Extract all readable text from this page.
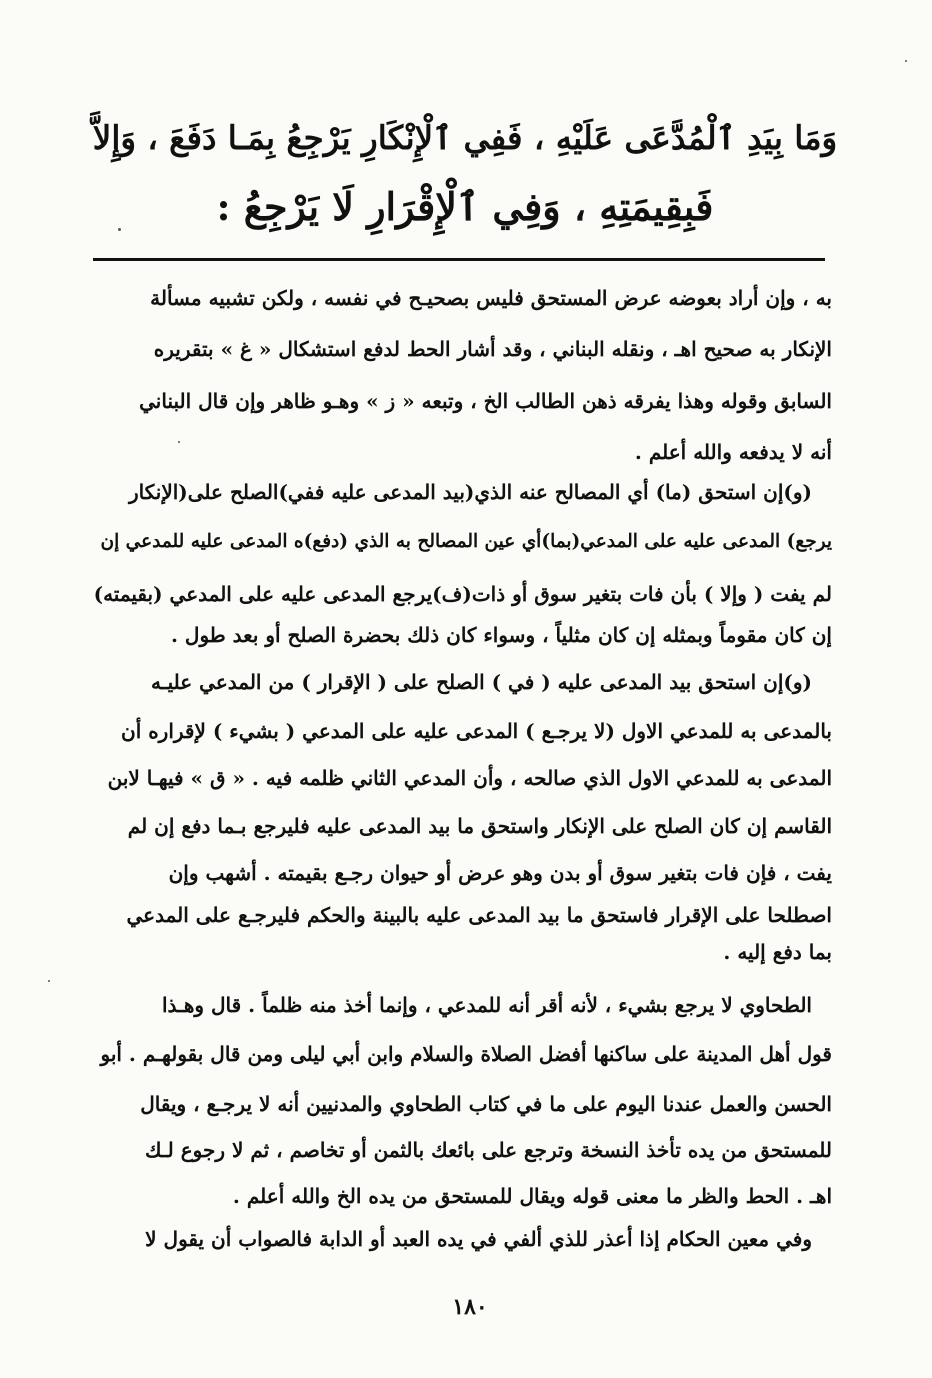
وَمَا بِيَدِ ٱلْمُدَّعَى عَلَيْهِ ، فَفِي ٱلْإِنْكَارِ يَرْجِعُ بِمَـا دَفَعَ ، وَإِلاَّ
فَبِقِيمَتِهِ ، وَفِي ٱلْإِقْرَارِ لَا يَرْجِعُ :
به ، وإن أراد بعوضه عرض المستحق فليس بصحيـح في نفسه ، ولكن تشبيه مسألة
الإنكار به صحيح اهـ ، ونقله البناني ، وقد أشار الحط لدفع استشكال « غ » بتقريره
السابق وقوله وهذا يفرقه ذهن الطالب الخ ، وتبعه « ز » وهـو ظاهر وإن قال البناني
أنه لا يدفعه والله أعلم .
(و)إن استحق (ما) أي المصالح عنه الذي(بيد المدعى عليه ففي)الصلح على(الإنكار
يرجع) المدعى عليه على المدعي(بما)أي عين المصالح به الذي (دفع)ه المدعى عليه للمدعي إن
لم يفت ( وإلا ) بأن فات بتغير سوق أو ذات(ف)يرجع المدعى عليه على المدعي (بقيمته)
إن كان مقوماً وبمثله إن كان مثلياً ، وسواء كان ذلك بحضرة الصلح أو بعد طول .
(و)إن استحق بيد المدعى عليه ( في ) الصلح على ( الإقرار ) من المدعي عليـه
بالمدعى به للمدعي الاول (لا يرجـع ) المدعى عليه على المدعي ( بشيء ) لإقراره أن
المدعى به للمدعي الاول الذي صالحه ، وأن المدعي الثاني ظلمه فيه . « ق » فيهـا لابن
القاسم إن كان الصلح على الإنكار واستحق ما بيد المدعى عليه فليرجع بـما دفع إن لم
يفت ، فإن فات بتغير سوق أو بدن وهو عرض أو حيوان رجـع بقيمته . أشهب وإن
اصطلحا على الإقرار فاستحق ما بيد المدعى عليه بالبينة والحكم فليرجـع على المدعي
بما دفع إليه .
الطحاوي لا يرجع بشيء ، لأنه أقر أنه للمدعي ، وإنما أخذ منه ظلماً . قال وهـذا
قول أهل المدينة على ساكنها أفضل الصلاة والسلام وابن أبي ليلى ومن قال بقولهـم . أبو
الحسن والعمل عندنا اليوم على ما في كتاب الطحاوي والمدنيين أنه لا يرجـع ، ويقال
للمستحق من يده تأخذ النسخة وترجع على بائعك بالثمن أو تخاصم ، ثم لا رجوع لـك
اهـ . الحط والظر ما معنى قوله ويقال للمستحق من يده الخ والله أعلم .
وفي معين الحكام إذا أعذر للذي ألفي في يده العبد أو الدابة فالصواب أن يقول لا
١٨٠
